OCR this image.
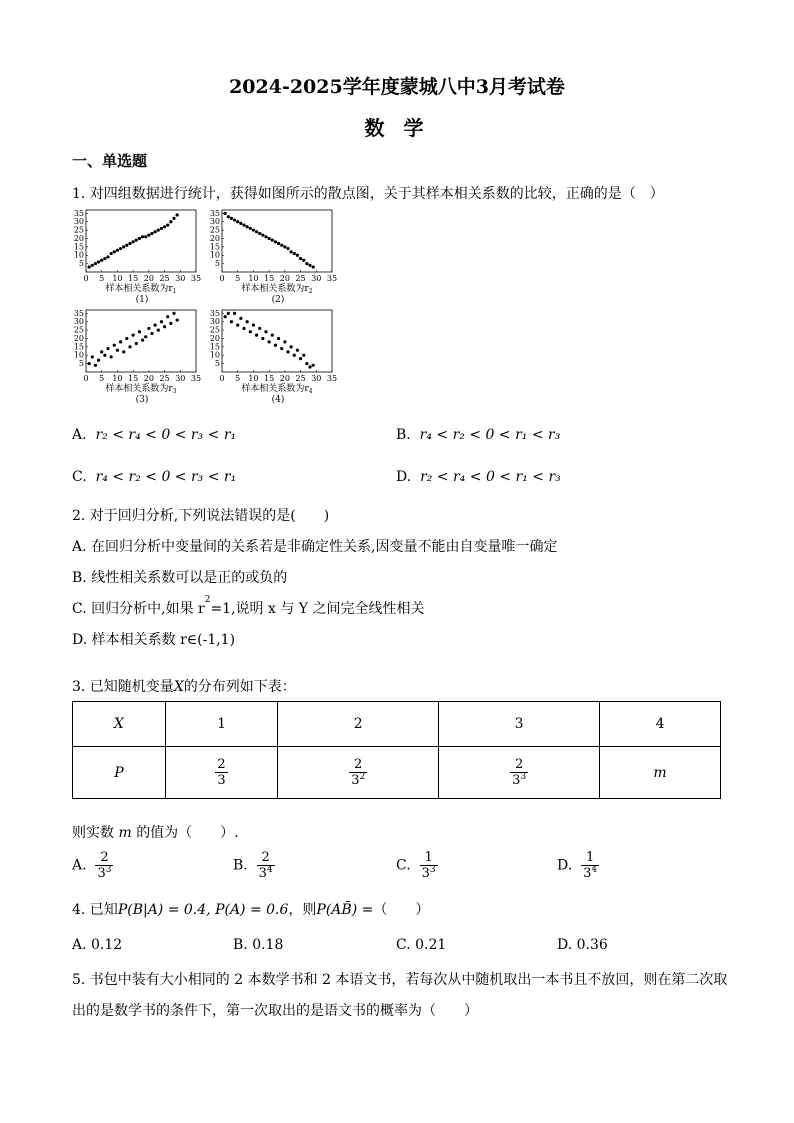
2024-2025学年度蒙城八中3月考试卷
数 学
一、单选题
1. 对四组数据进行统计，获得如图所示的散点图，关于其样本相关系数的比较，正确的是（　）
0 5 10 15 20 25 30 35
5
10
15
20
25
30
35
样本相关系数为$r_1$
(1)
0 5 10 15 20 25 30 35
5
10
15
20
25
30
35
样本相关系数为$r_2$
(2)
0 5 10 15 20 25 30 35
5
10
15
20
25
30
35
样本相关系数为$r_3$
(3)
0 5 10 15 20 25 30 35
5
10
15
20
25
30
35
样本相关系数为$r_4$
(4)
A. r₂ < r₄ < 0 < r₃ < r₁	B. r₄ < r₂ < 0 < r₁ < r₃
C. r₄ < r₂ < 0 < r₃ < r₁	D. r₂ < r₄ < 0 < r₁ < r₃
2. 对于回归分析,下列说法错误的是(　　)
A. 在回归分析中变量间的关系若是非确定性关系,因变量不能由自变量唯一确定
B. 线性相关系数可以是正的或负的
C. 回归分析中,如果 $r^2=1$,说明 x 与 Y 之间完全线性相关
D. 样本相关系数 r∈(-1,1)
3. 已知随机变量X的分布列如下表：
X	1	2	3	4
P	$\frac{2}{3}$	$\frac{2}{3^2}$	$\frac{2}{3^3}$	m
则实数 m 的值为（　　）.
A. $\frac{2}{3^3}$	B. $\frac{2}{3^4}$	C. $\frac{1}{3^3}$	D. $\frac{1}{3^4}$
4. 已知P(B|A) = 0.4, P(A) = 0.6，则P(AB̄) =（　　）
A. 0.12	B. 0.18	C. 0.21	D. 0.36
5. 书包中装有大小相同的 2 本数学书和 2 本语文书，若每次从中随机取出一本书且不放回，则在第二次取
出的是数学书的条件下，第一次取出的是语文书的概率为（　　）
